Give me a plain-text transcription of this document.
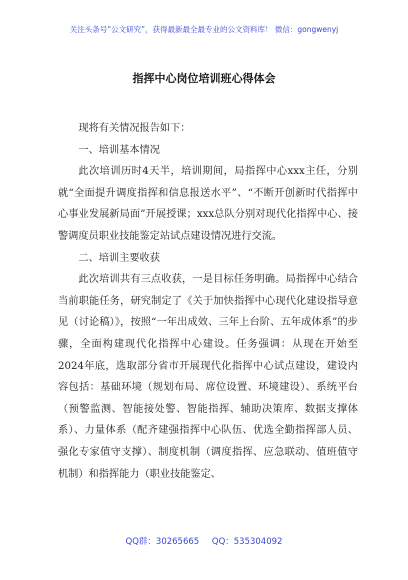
关注头条号“公文研究”，获得最新最全最专业的公文资料库！ 微信：gongwenyj
指挥中心岗位培训班心得体会

现将有关情况报告如下：

一、培训基本情况

此次培训历时4天半，培训期间，局指挥中心xxx主任，分别就“全面提升调度指挥和信息报送水平”、“不断开创新时代指挥中心事业发展新局面”开展授课；xxx总队分别对现代化指挥中心、接警调度员职业技能鉴定站试点建设情况进行交流。

二、培训主要收获

此次培训共有三点收获，一是目标任务明确。局指挥中心结合当前职能任务，研究制定了《关于加快指挥中心现代化建设指导意见（讨论稿）》，按照“一年出成效、三年上台阶、五年成体系”的步骤，全面构建现代化指挥中心建设。任务强调：从现在开始至2024年底，选取部分省市开展现代化指挥中心试点建设，建设内容包括：基础环境（规划布局、席位设置、环境建设）、系统平台（预警监测、智能接处警、智能指挥、辅助决策库、数据支撑体系）、力量体系（配齐建强指挥中心队伍、优选全勤指挥部人员、强化专家值守支撑）、制度机制（调度指挥、应急联动、值班值守机制）和指挥能力（职业技能鉴定、

QQ群：30265665 QQ：535304092
